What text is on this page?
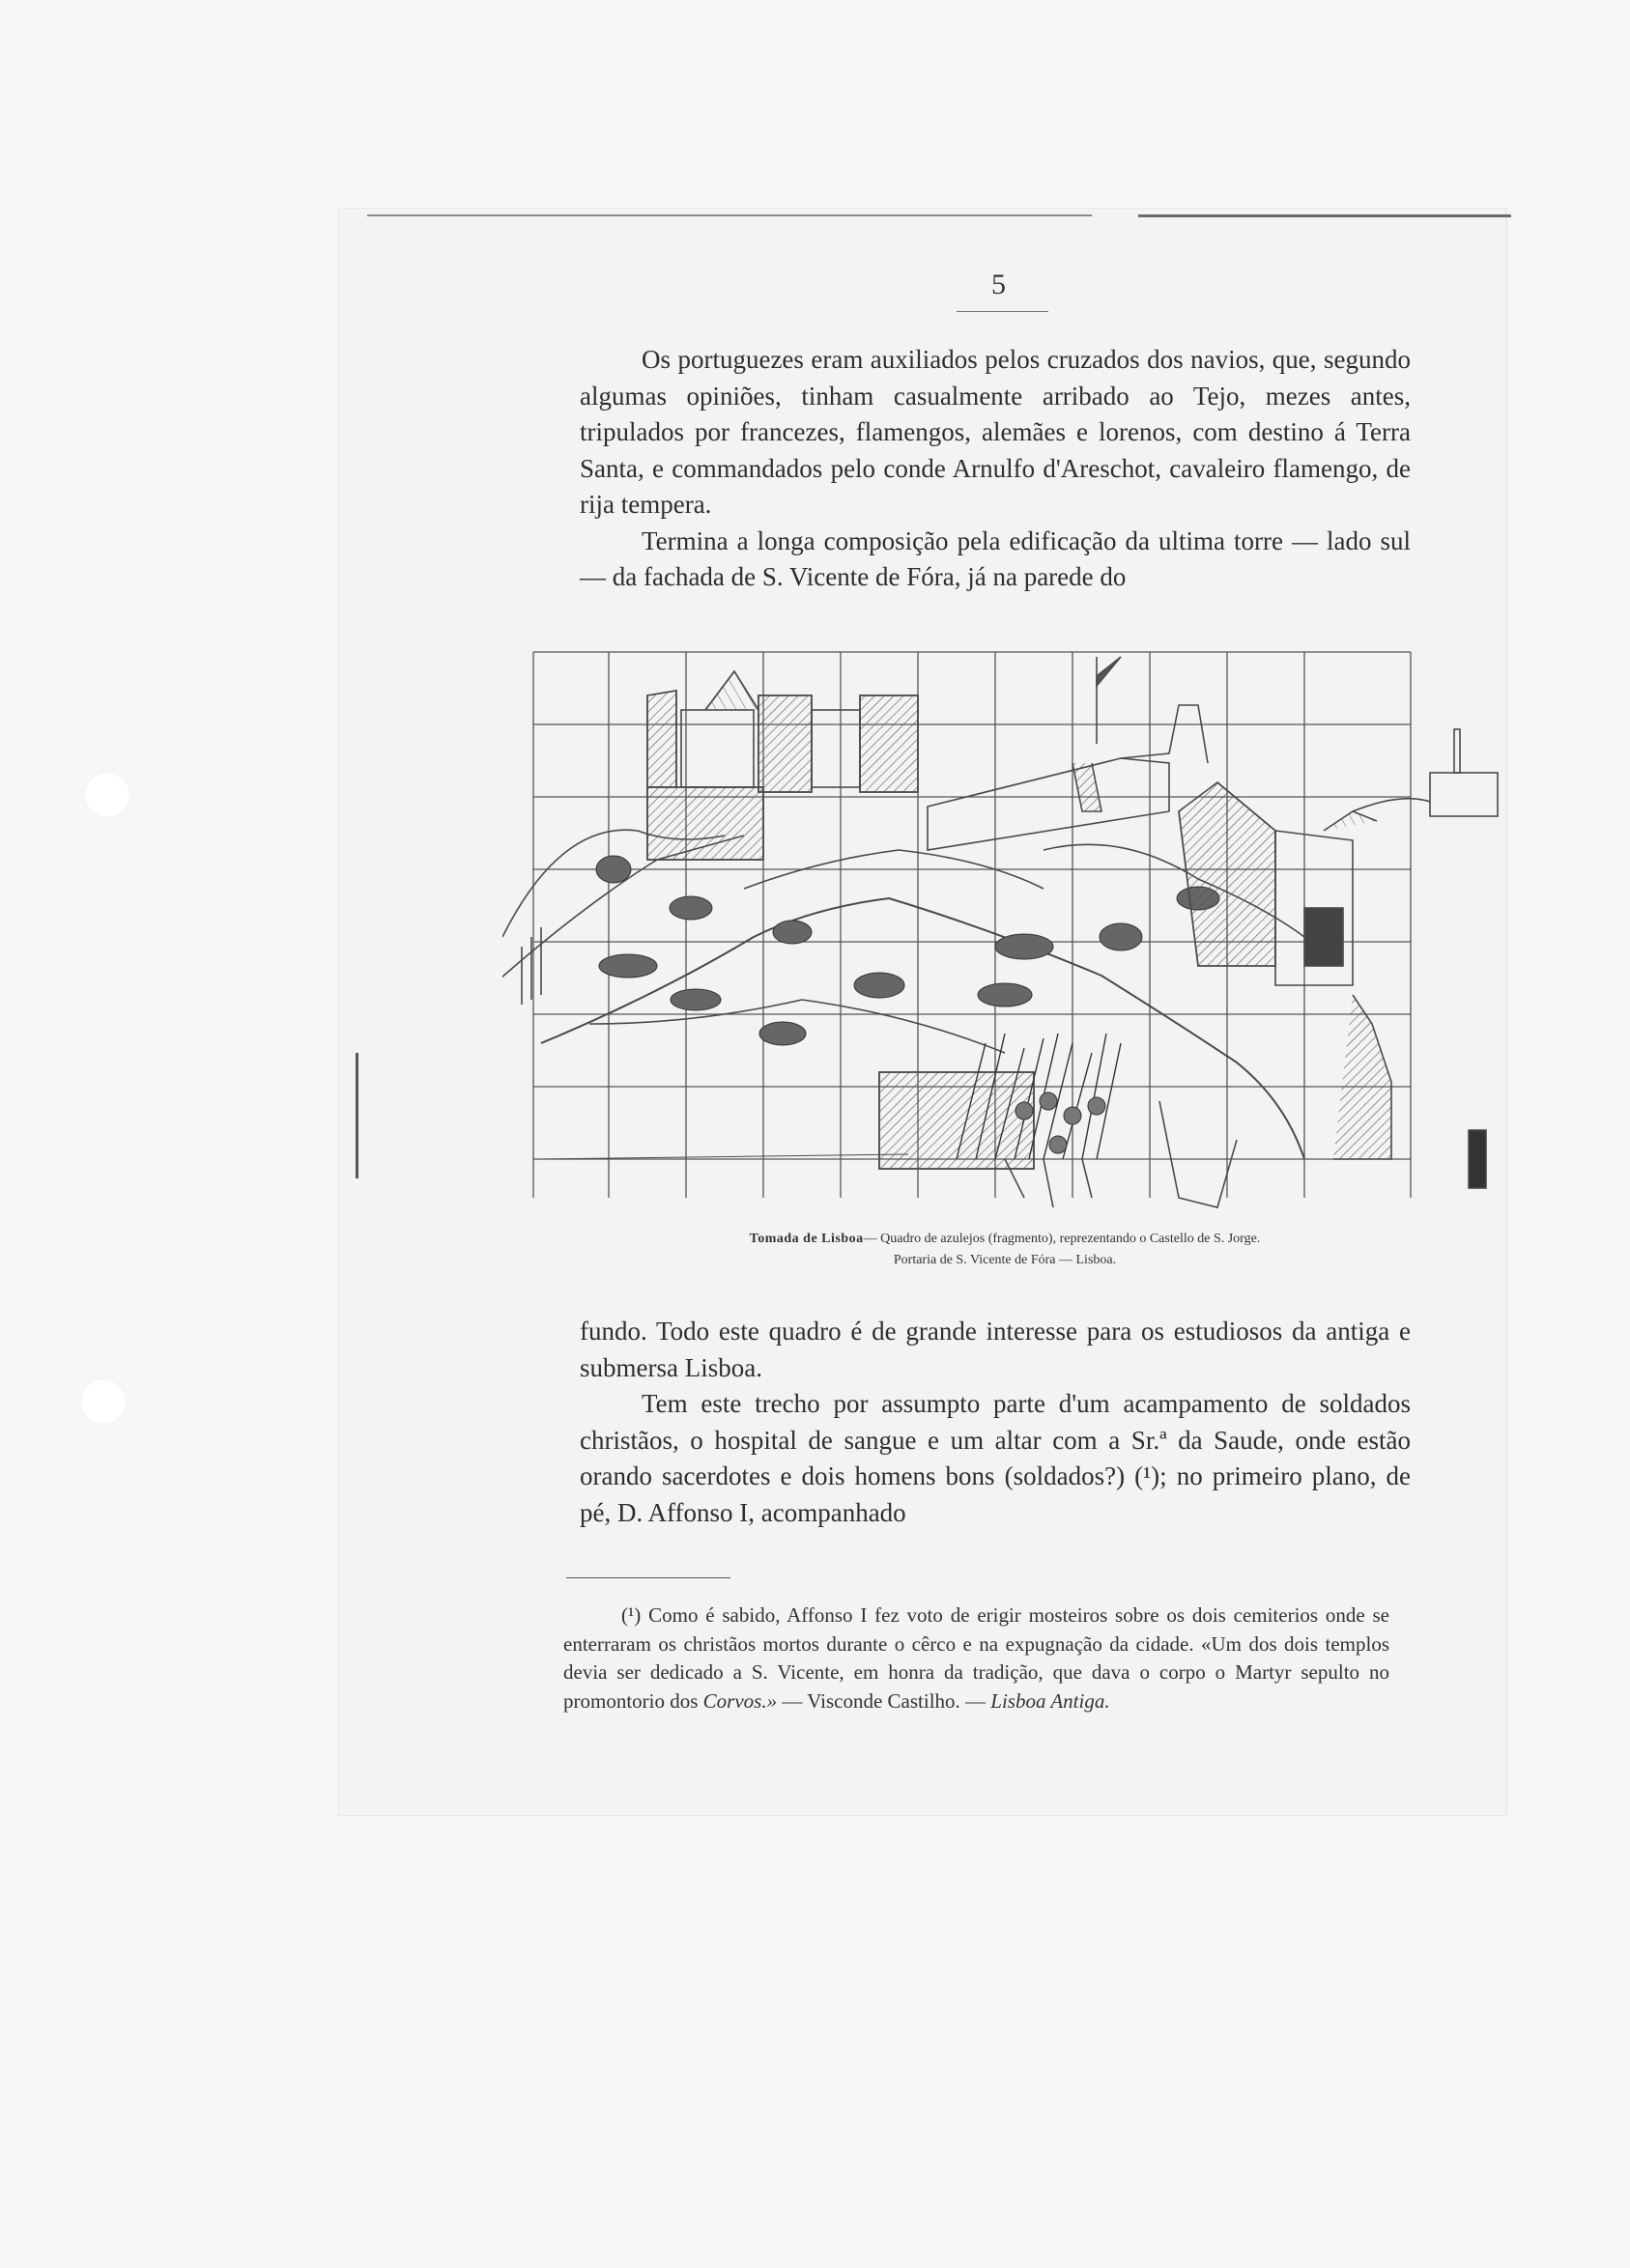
5

Os portuguezes eram auxiliados pelos cruzados dos navios, que, segundo algumas opiniões, tinham casualmente arribado ao Tejo, mezes antes, tripulados por francezes, flamengos, alemães e lorenos, com destino á Terra Santa, e commandados pelo conde Arnulfo d'Areschot, cavaleiro flamengo, de rija tempera.

Termina a longa composição pela edificação da ultima torre — lado sul — da fachada de S. Vicente de Fóra, já na parede do

Tomada de Lisboa— Quadro de azulejos (fragmento), reprezentando o Castello de S. Jorge.
Portaria de S. Vicente de Fóra — Lisboa.

fundo. Todo este quadro é de grande interesse para os estudiosos da antiga e submersa Lisboa.

Tem este trecho por assumpto parte d'um acampamento de soldados christãos, o hospital de sangue e um altar com a Sr.ª da Saude, onde estão orando sacerdotes e dois homens bons (soldados?) (¹); no primeiro plano, de pé, D. Affonso I, acompanhado

(¹) Como é sabido, Affonso I fez voto de erigir mosteiros sobre os dois cemiterios onde se enterraram os christãos mortos durante o cêrco e na expugnação da cidade. «Um dos dois templos devia ser dedicado a S. Vicente, em honra da tradição, que dava o corpo o Martyr sepulto no promontorio dos Corvos.» — Visconde Castilho. — Lisboa Antiga.
